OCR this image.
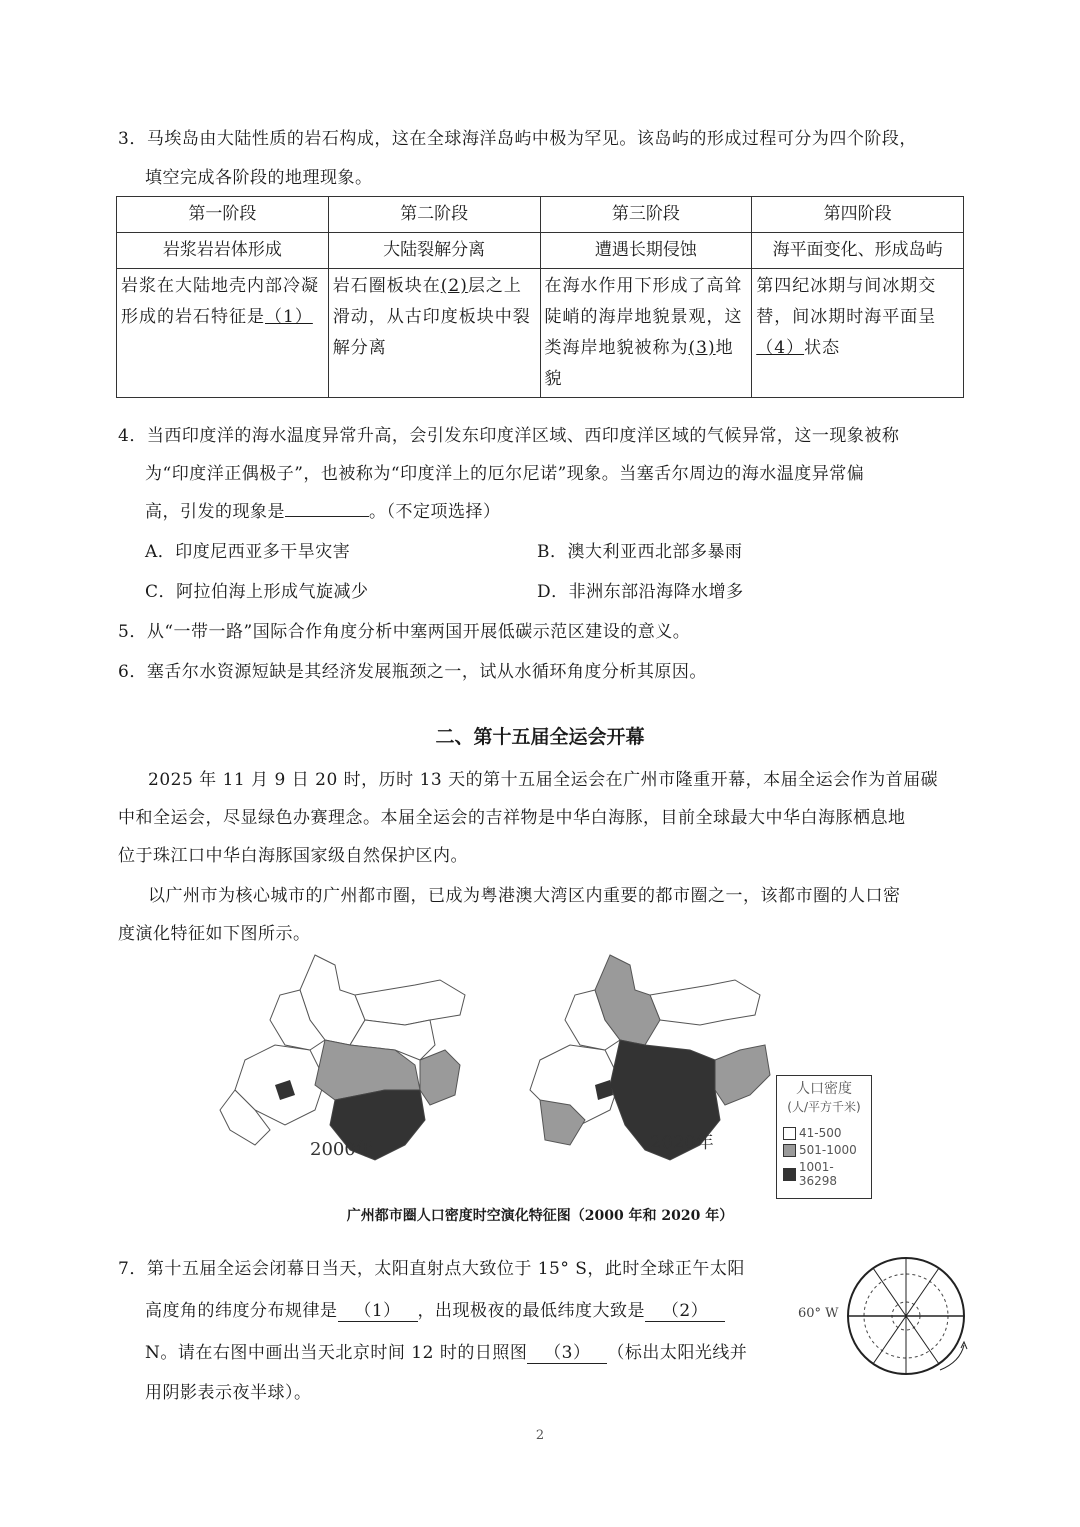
3．马埃岛由大陆性质的岩石构成，这在全球海洋岛屿中极为罕见。该岛屿的形成过程可分为四个阶段，
填空完成各阶段的地理现象。
第一阶段	第二阶段	第三阶段	第四阶段
岩浆岩岩体形成	大陆裂解分离	遭遇长期侵蚀	海平面变化、形成岛屿
岩浆在大陆地壳内部冷凝形成的岩石特征是（1）	岩石圈板块在(2)层之上滑动，从古印度板块中裂解分离	在海水作用下形成了高耸陡峭的海岸地貌景观，这类海岸地貌被称为(3)地貌	第四纪冰期与间冰期交替，间冰期时海平面呈（4）状态
4．当西印度洋的海水温度异常升高，会引发东印度洋区域、西印度洋区域的气候异常，这一现象被称
为“印度洋正偶极子”，也被称为“印度洋上的厄尔尼诺”现象。当塞舌尔周边的海水温度异常偏
高，引发的现象是	。（不定项选择）
A．印度尼西亚多干旱灾害	B．澳大利亚西北部多暴雨
C．阿拉伯海上形成气旋减少	D．非洲东部沿海降水增多
5．从“一带一路”国际合作角度分析中塞两国开展低碳示范区建设的意义。
6．塞舌尔水资源短缺是其经济发展瓶颈之一，试从水循环角度分析其原因。
二、第十五届全运会开幕
2025 年 11 月 9 日 20 时，历时 13 天的第十五届全运会在广州市隆重开幕，本届全运会作为首届碳
中和全运会，尽显绿色办赛理念。本届全运会的吉祥物是中华白海豚，目前全球最大中华白海豚栖息地
位于珠江口中华白海豚国家级自然保护区内。
以广州市为核心城市的广州都市圈，已成为粤港澳大湾区内重要的都市圈之一，该都市圈的人口密
度演化特征如下图所示。
2000年	2020年
人口密度
(人/平方千米)
41-500
501-1000
1001-36298
广州都市圈人口密度时空演化特征图（2000 年和 2020 年）
7．第十五届全运会闭幕日当天，太阳直射点大致位于 15° S，此时全球正午太阳
高度角的纬度分布规律是 （1） ，出现极夜的最低纬度大致是 （2）
N。请在右图中画出当天北京时间 12 时的日照图 （3） （标出太阳光线并
用阴影表示夜半球）。
60° W
2
